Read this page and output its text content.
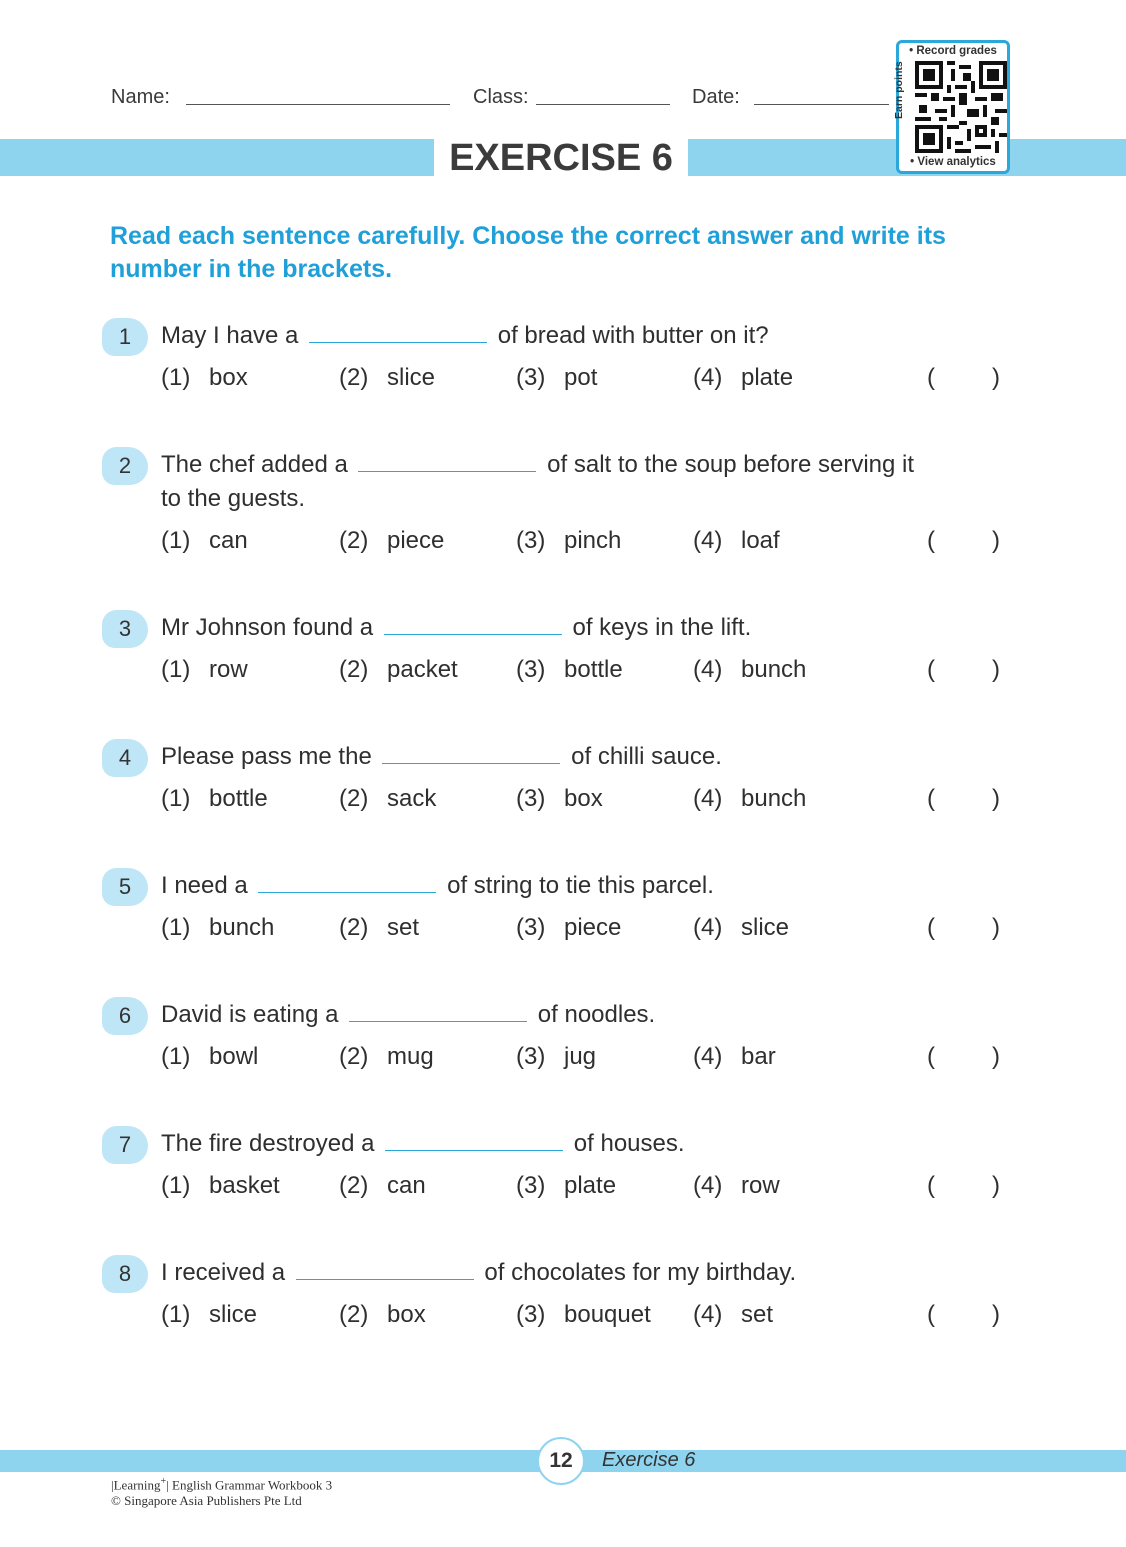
Name:	Class:	Date:
EXERCISE 6
• Record grades
Earn points
• View analytics
Read each sentence carefully. Choose the correct answer and write its number in the brackets.
1	May I have a	of bread with butter on it?
(1) box	(2) slice	(3) pot	(4) plate	( )
2	The chef added a	of salt to the soup before serving it
to the guests.
(1) can	(2) piece	(3) pinch	(4) loaf	( )
3	Mr Johnson found a	of keys in the lift.
(1) row	(2) packet (3) bottle	(4) bunch	( )
4	Please pass me the	of chilli sauce.
(1) bottle	(2) sack	(3) box	(4) bunch	( )
5	I need a	of string to tie this parcel.
(1) bunch	(2) set	(3) piece	(4) slice	( )
6	David is eating a	of noodles.
(1) bowl	(2) mug	(3) jug	(4) bar	( )
7	The fire destroyed a	of houses.
(1) basket (2) can	(3) plate	(4) row	( )
8	I received a	of chocolates for my birthday.
(1) slice	(2) box	(3) bouquet (4) set	( )
12	Exercise 6
|Learning+| English Grammar Workbook 3
© Singapore Asia Publishers Pte Ltd
